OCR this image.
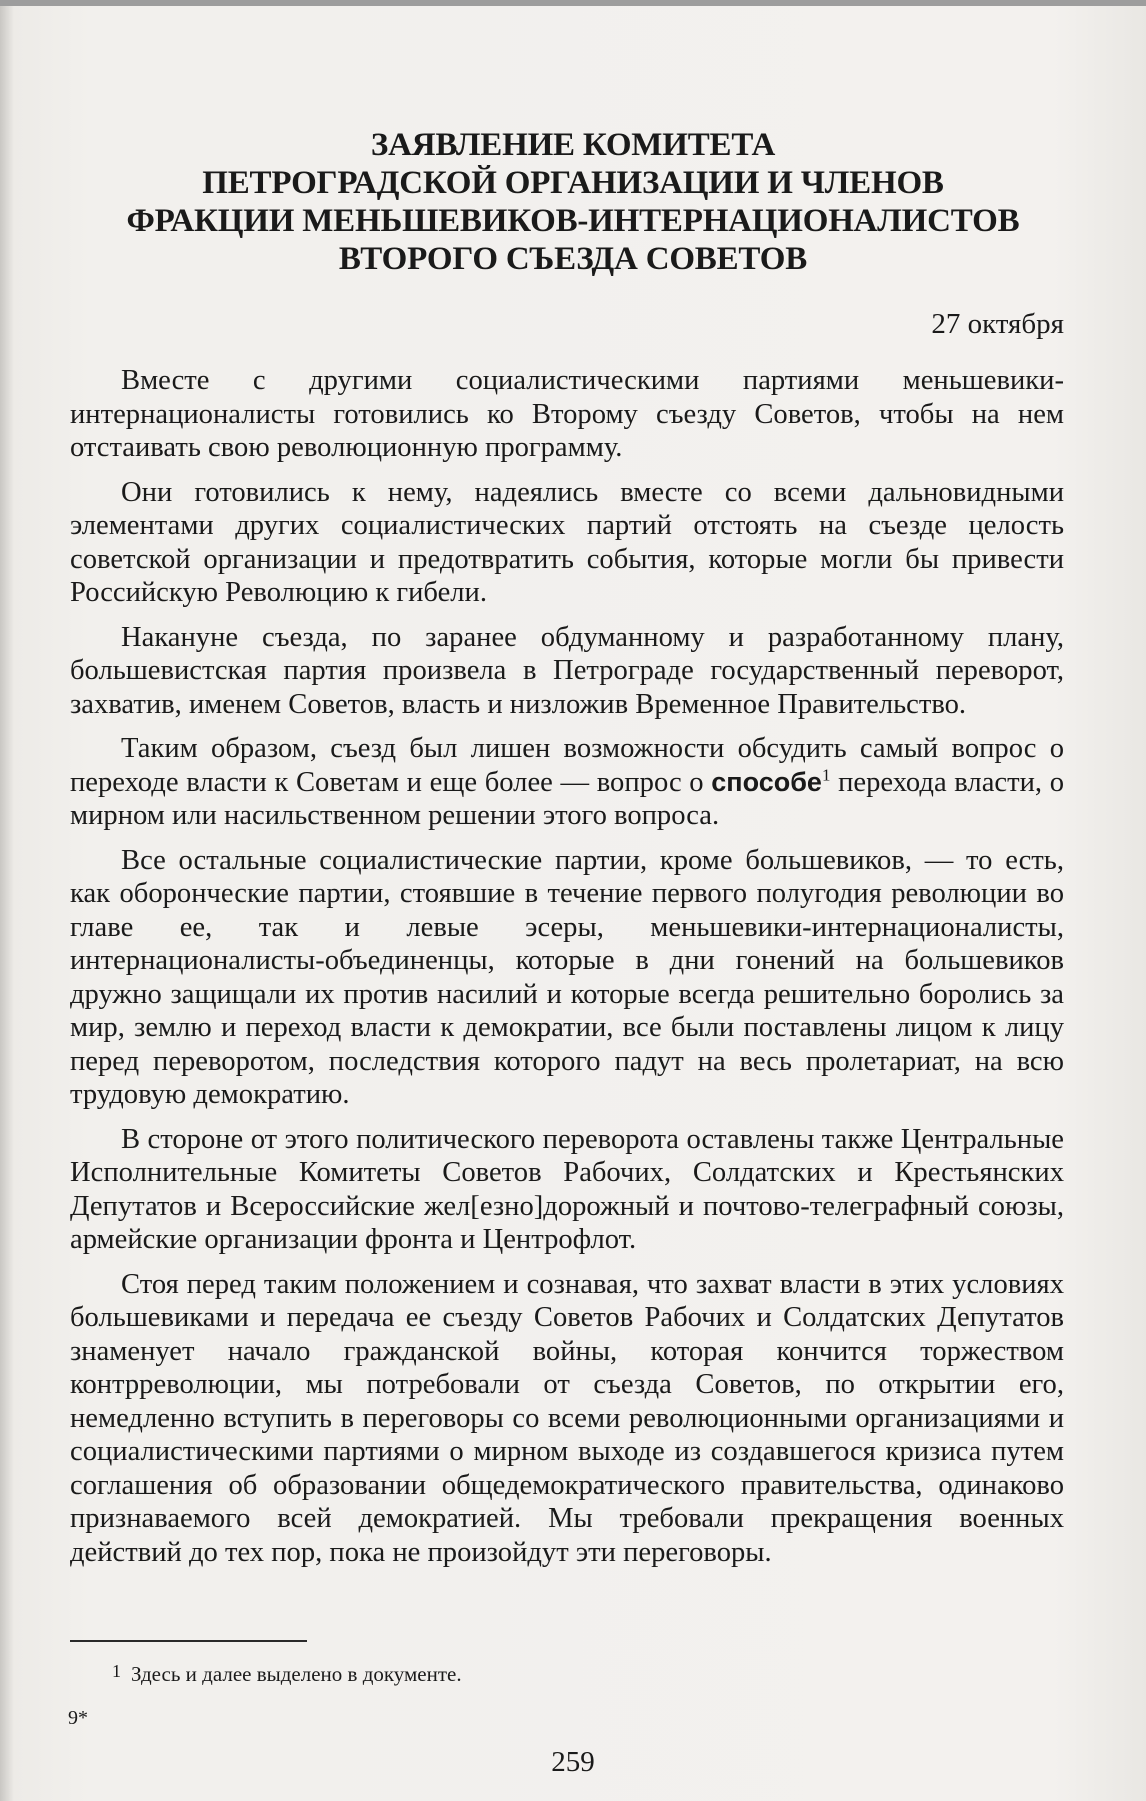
ЗАЯВЛЕНИЕ КОМИТЕТА
ПЕТРОГРАДСКОЙ ОРГАНИЗАЦИИ И ЧЛЕНОВ
ФРАКЦИИ МЕНЬШЕВИКОВ-ИНТЕРНАЦИОНАЛИСТОВ
ВТОРОГО СЪЕЗДА СОВЕТОВ
27 октября

Вместе с другими социалистическими партиями меньшевики-интернационалисты готовились ко Второму съезду Советов, чтобы на нем отстаивать свою революционную программу.

Они готовились к нему, надеялись вместе со всеми дальновидными элементами других социалистических партий отстоять на съезде целость советской организации и предотвратить события, которые могли бы привести Российскую Революцию к гибели.

Накануне съезда, по заранее обдуманному и разработанному плану, большевистская партия произвела в Петрограде государственный переворот, захватив, именем Советов, власть и низложив Временное Правительство.

Таким образом, съезд был лишен возможности обсудить самый вопрос о переходе власти к Советам и еще более — вопрос о способе$^1$ перехода власти, о мирном или насильственном решении этого вопроса.

Все остальные социалистические партии, кроме большевиков, — то есть, как оборонческие партии, стоявшие в течение первого полугодия революции во главе ее, так и левые эсеры, меньшевики-интернационалисты, интернационалисты-объединенцы, которые в дни гонений на большевиков дружно защищали их против насилий и которые всегда решительно боролись за мир, землю и переход власти к демократии, все были поставлены лицом к лицу перед переворотом, последствия которого падут на весь пролетариат, на всю трудовую демократию.

В стороне от этого политического переворота оставлены также Центральные Исполнительные Комитеты Советов Рабочих, Солдатских и Крестьянских Депутатов и Всероссийские жел[езно]дорожный и почтово-телеграфный союзы, армейские организации фронта и Центрофлот.

Стоя перед таким положением и сознавая, что захват власти в этих условиях большевиками и передача ее съезду Советов Рабочих и Солдатских Депутатов знаменует начало гражданской войны, которая кончится торжеством контрреволюции, мы потребовали от съезда Советов, по открытии его, немедленно вступить в переговоры со всеми революционными организациями и социалистическими партиями о мирном выходе из создавшегося кризиса путем соглашения об образовании общедемократического правительства, одинаково признаваемого всей демократией. Мы требовали прекращения военных действий до тех пор, пока не произойдут эти переговоры.

1 Здесь и далее выделено в документе.
9*
259
